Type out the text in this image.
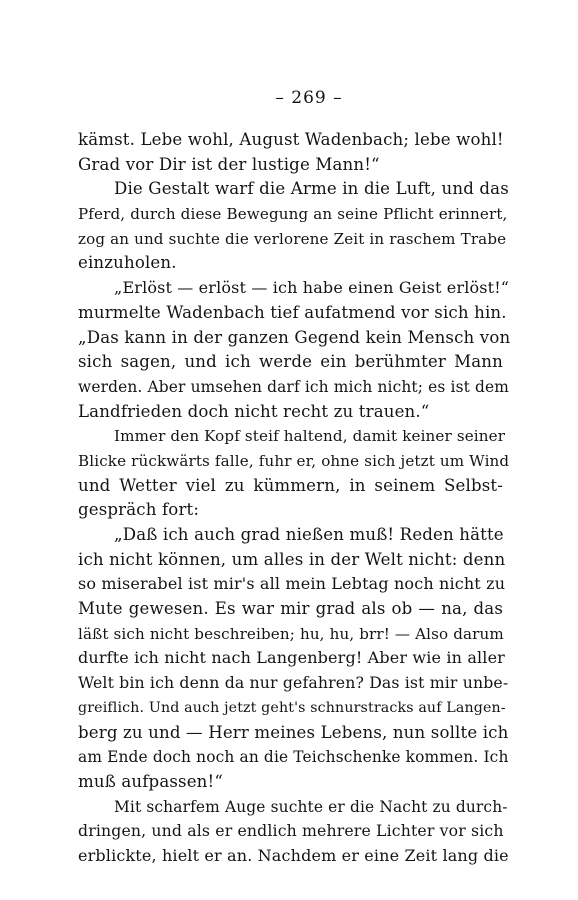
– 269 –
kämst. Lebe wohl, August Wadenbach; lebe wohl!
Grad vor Dir ist der lustige Mann!“
Die Gestalt warf die Arme in die Luft, und das
Pferd, durch diese Bewegung an seine Pflicht erinnert,
zog an und suchte die verlorene Zeit in raschem Trabe
einzuholen.
„Erlöst — erlöst — ich habe einen Geist erlöst!“
murmelte Wadenbach tief aufatmend vor sich hin.
„Das kann in der ganzen Gegend kein Mensch von
sich sagen, und ich werde ein berühmter Mann
werden. Aber umsehen darf ich mich nicht; es ist dem
Landfrieden doch nicht recht zu trauen.“
Immer den Kopf steif haltend, damit keiner seiner
Blicke rückwärts falle, fuhr er, ohne sich jetzt um Wind
und Wetter viel zu kümmern, in seinem Selbst-
gespräch fort:
„Daß ich auch grad nießen muß! Reden hätte
ich nicht können, um alles in der Welt nicht: denn
so miserabel ist mir's all mein Lebtag noch nicht zu
Mute gewesen. Es war mir grad als ob — na, das
läßt sich nicht beschreiben; hu, hu, brr! — Also darum
durfte ich nicht nach Langenberg! Aber wie in aller
Welt bin ich denn da nur gefahren? Das ist mir unbe-
greiflich. Und auch jetzt geht's schnurstracks auf Langen-
berg zu und — Herr meines Lebens, nun sollte ich
am Ende doch noch an die Teichschenke kommen. Ich
muß aufpassen!“
Mit scharfem Auge suchte er die Nacht zu durch-
dringen, und als er endlich mehrere Lichter vor sich
erblickte, hielt er an. Nachdem er eine Zeit lang die
